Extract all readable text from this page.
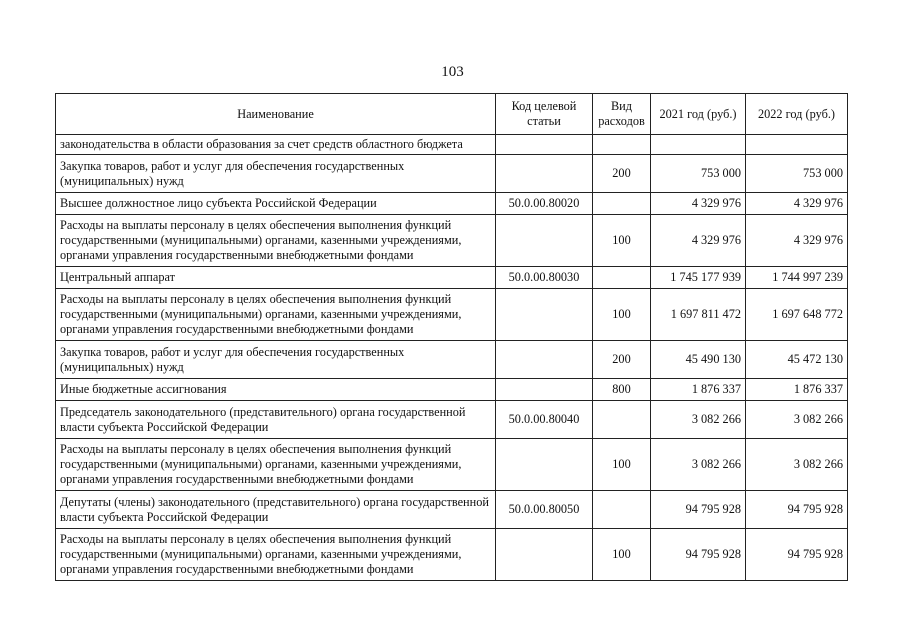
103
Наименование	Код целевой статьи	Вид расходов	2021 год (руб.)	2022 год (руб.)
законодательства в области образования за счет средств областного бюджета				
Закупка товаров, работ и услуг для обеспечения государственных (муниципальных) нужд		200	753 000	753 000
Высшее должностное лицо субъекта Российской Федерации	50.0.00.80020		4 329 976	4 329 976
Расходы на выплаты персоналу в целях обеспечения выполнения функций государственными (муниципальными) органами, казенными учреждениями, органами управления государственными внебюджетными фондами		100	4 329 976	4 329 976
Центральный аппарат	50.0.00.80030		1 745 177 939	1 744 997 239
Расходы на выплаты персоналу в целях обеспечения выполнения функций государственными (муниципальными) органами, казенными учреждениями, органами управления государственными внебюджетными фондами		100	1 697 811 472	1 697 648 772
Закупка товаров, работ и услуг для обеспечения государственных (муниципальных) нужд		200	45 490 130	45 472 130
Иные бюджетные ассигнования		800	1 876 337	1 876 337
Председатель законодательного (представительного) органа государственной власти субъекта Российской Федерации	50.0.00.80040		3 082 266	3 082 266
Расходы на выплаты персоналу в целях обеспечения выполнения функций государственными (муниципальными) органами, казенными учреждениями, органами управления государственными внебюджетными фондами		100	3 082 266	3 082 266
Депутаты (члены) законодательного (представительного) органа государственной власти субъекта Российской Федерации	50.0.00.80050		94 795 928	94 795 928
Расходы на выплаты персоналу в целях обеспечения выполнения функций государственными (муниципальными) органами, казенными учреждениями, органами управления государственными внебюджетными фондами		100	94 795 928	94 795 928
